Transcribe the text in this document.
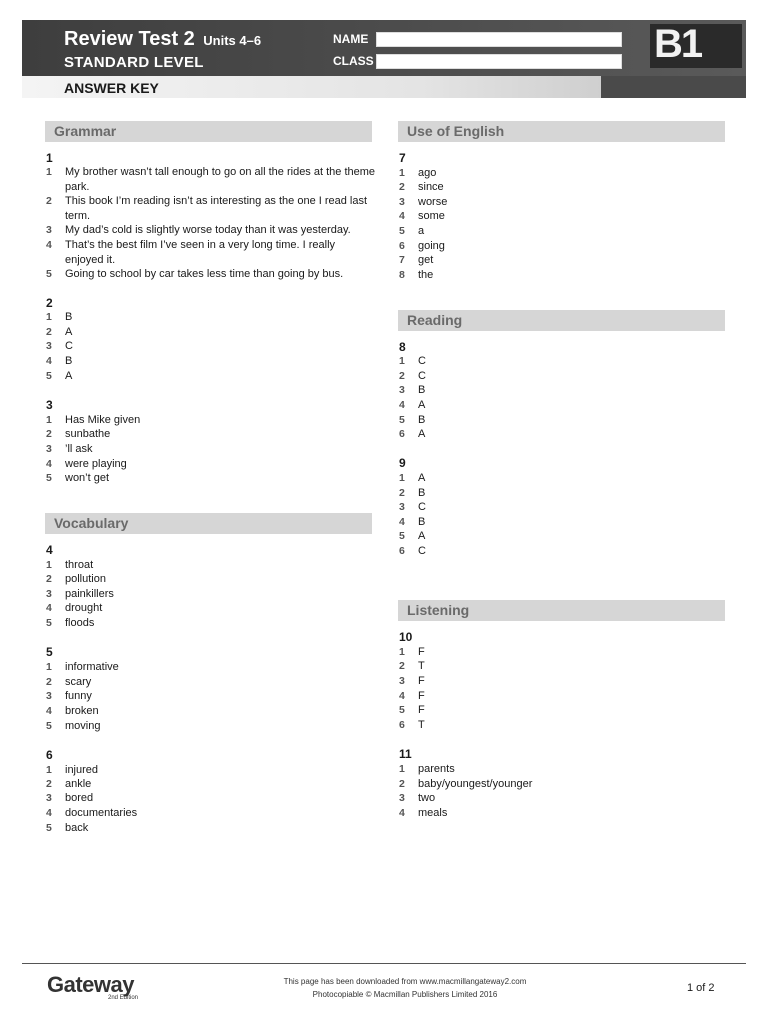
Review Test 2 Units 4–6
STANDARD LEVEL
NAME
CLASS	B1
ANSWER KEY
Grammar
1
1 My brother wasn’t tall enough to go on all the rides at the theme park.
2 This book I’m reading isn’t as interesting as the one I read last term.
3 My dad’s cold is slightly worse today than it was yesterday.
4 That’s the best film I’ve seen in a very long time. I really enjoyed it.
5 Going to school by car takes less time than going by bus.
2
1 B
2 A
3 C
4 B
5 A
3
1 Has Mike given
2 sunbathe
3 ’ll ask
4 were playing
5 won’t get
Vocabulary
4
1 throat
2 pollution
3 painkillers
4 drought
5 floods
5
1 informative
2 scary
3 funny
4 broken
5 moving
6
1 injured
2 ankle
3 bored
4 documentaries
5 back
Use of English
7
1 ago
2 since
3 worse
4 some
5 a
6 going
7 get
8 the
Reading
8
1 C
2 C
3 B
4 A
5 B
6 A
9
1 A
2 B
3 C
4 B
5 A
6 C
Listening
10
1 F
2 T
3 F
4 F
5 F
6 T
11
1 parents
2 baby/youngest/younger
3 two
4 meals
Gateway
2nd Edition
This page has been downloaded from www.macmillangateway2.com
Photocopiable © Macmillan Publishers Limited 2016
1 of 2
